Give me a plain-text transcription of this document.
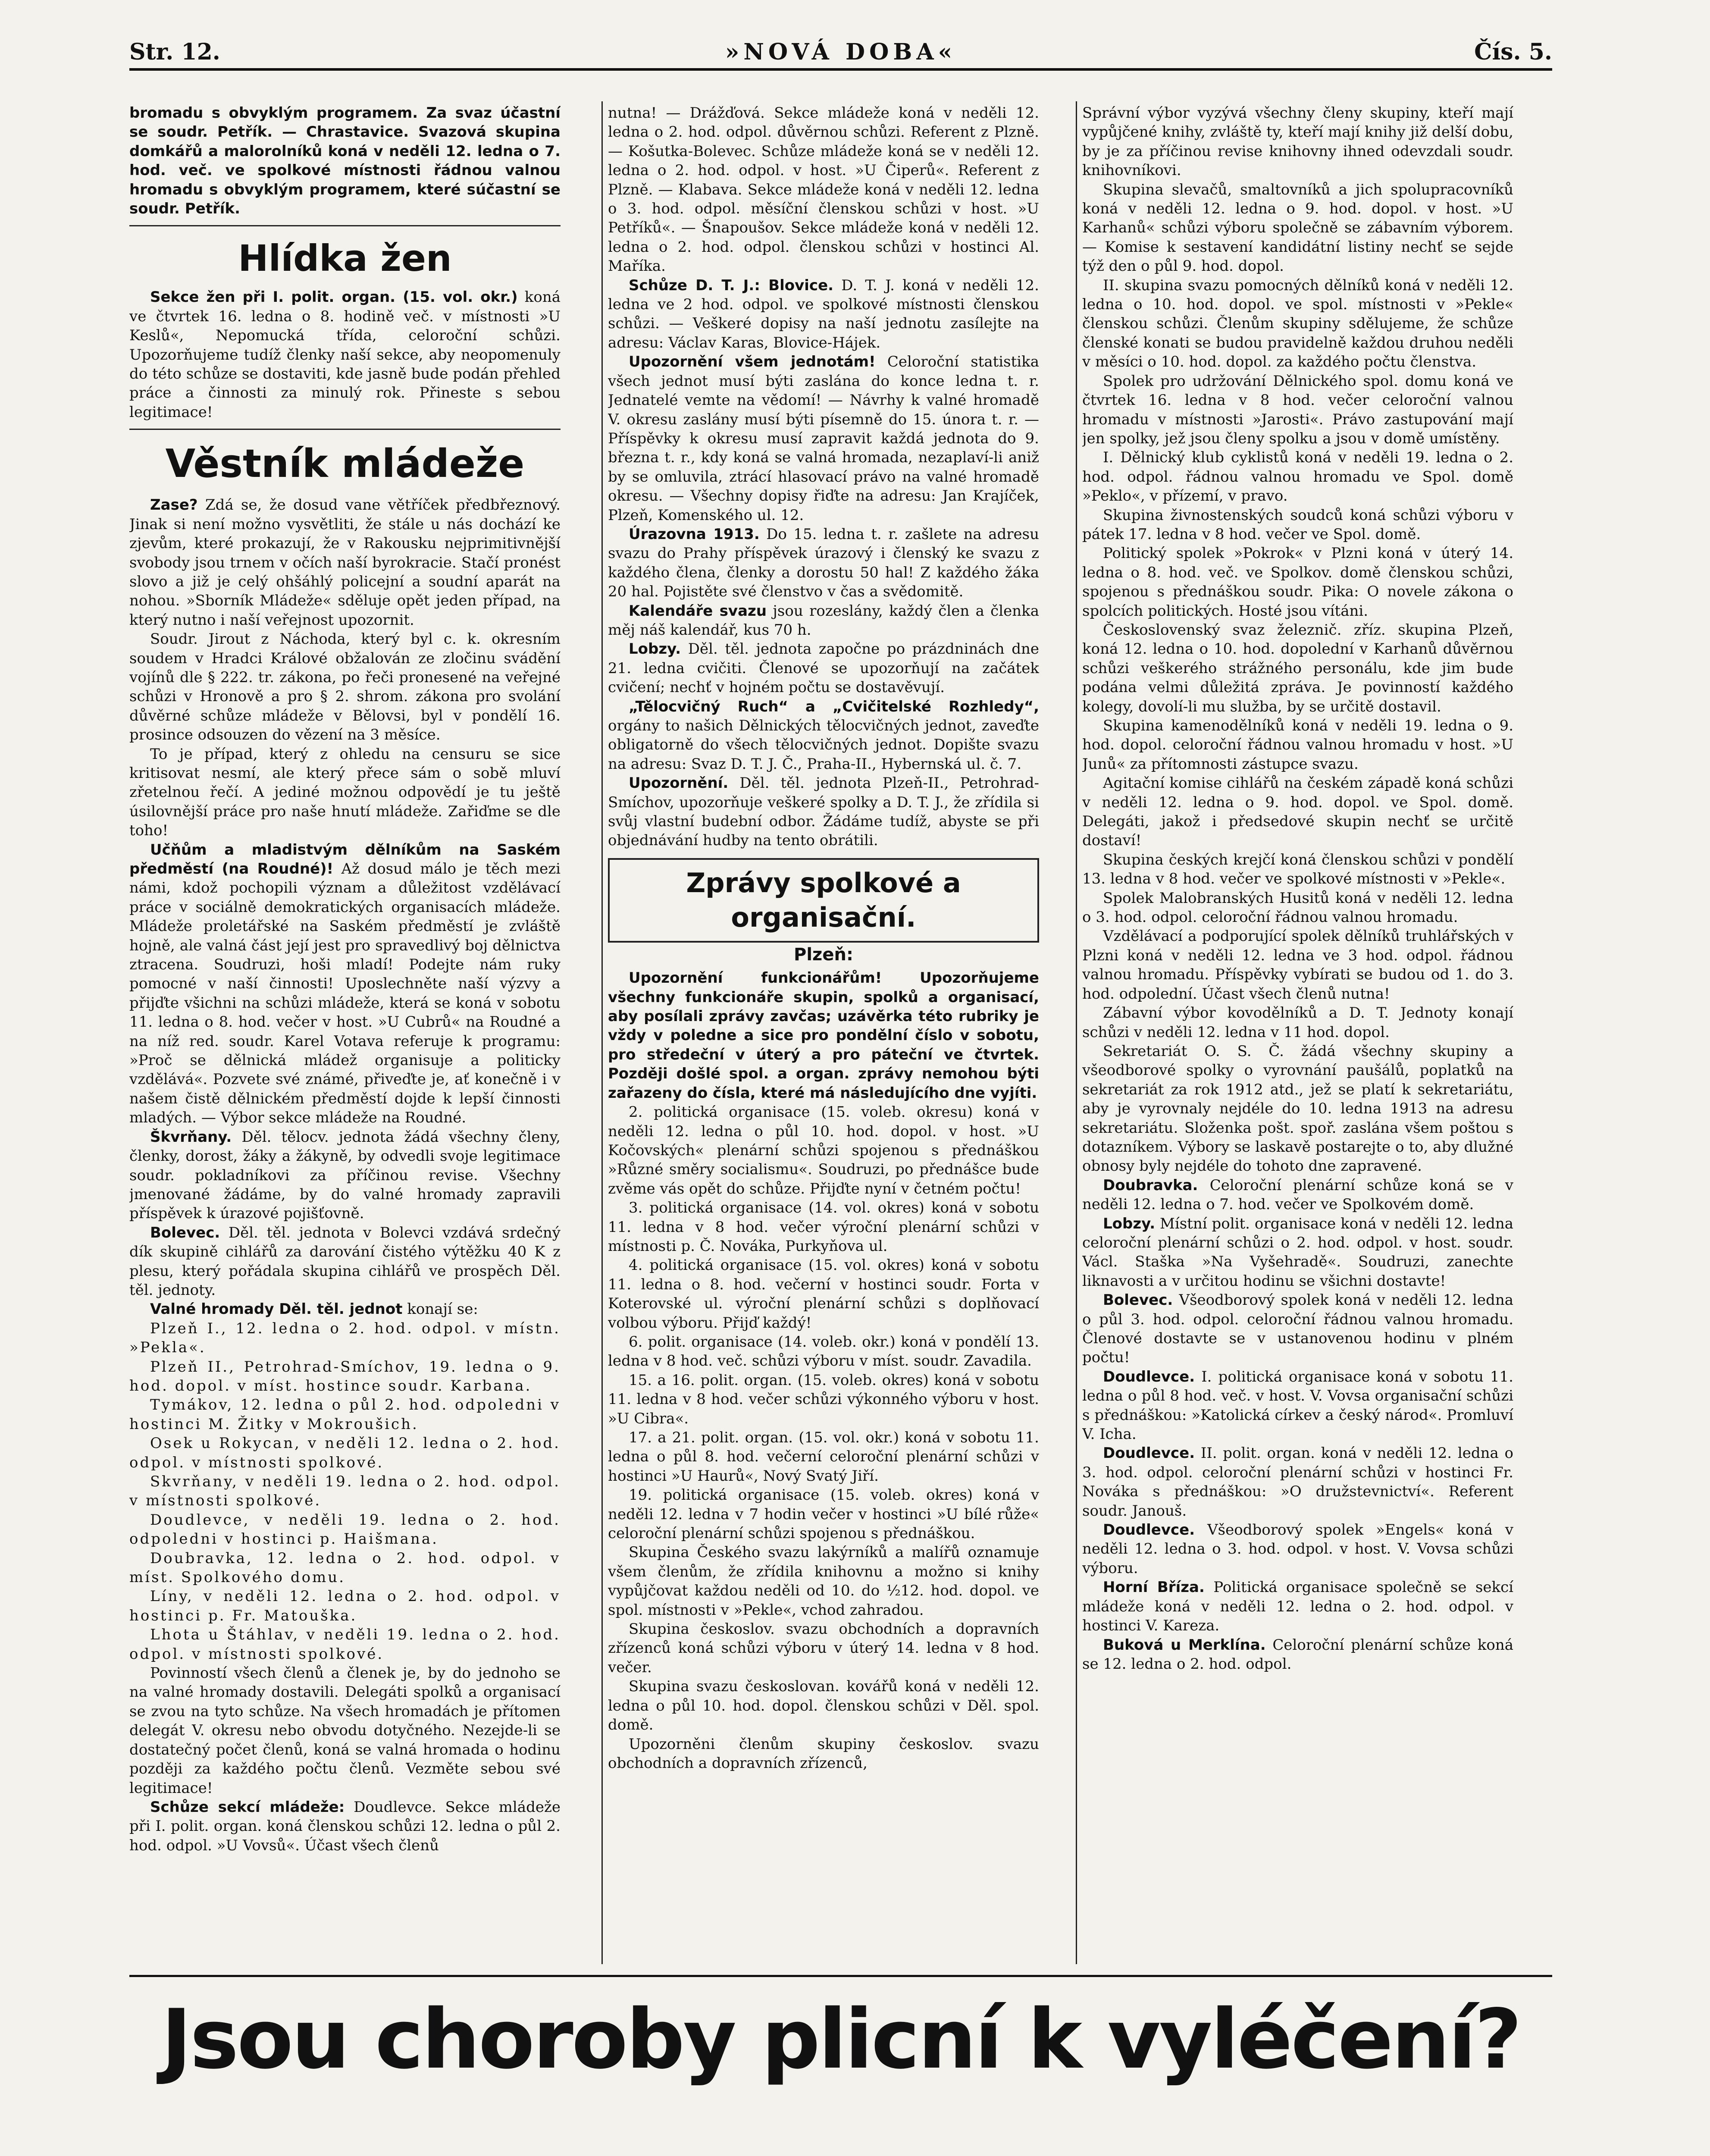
Str. 12.	»NOVÁ DOBA«	Čís. 5.

bromadu s obvyklým programem. Za svaz účastní se soudr. Petřík. — Chrastavice. Svazová skupina domkářů a malorolníků koná v neděli 12. ledna o 7. hod. več. ve spolkové místnosti řádnou valnou hromadu s obvyklým programem, které súčastní se soudr. Petřík.

Hlídka žen

Sekce žen při I. polit. organ. (15. vol. okr.) koná ve čtvrtek 16. ledna o 8. hodině več. v místnosti »U Keslů«, Nepomucká třída, celoroční schůzi. Upozorňujeme tudíž členky naší sekce, aby neopomenuly do této schůze se dostaviti, kde jasně bude podán přehled práce a činnosti za minulý rok. Přineste s sebou legitimace!

Věstník mládeže

Zase? Zdá se, že dosud vane větříček předbřeznový. Jinak si není možno vysvětliti, že stále u nás dochází ke zjevům, které prokazují, že v Rakousku nejprimitivnější svobody jsou trnem v očích naší byrokracie. Stačí pronést slovo a již je celý ohšáhlý policejní a soudní aparát na nohou. »Sborník Mládeže« sděluje opět jeden případ, na který nutno i naší veřejnost upozornit.

Soudr. Jirout z Náchoda, který byl c. k. okresním soudem v Hradci Králové obžalován ze zločinu svádění vojínů dle § 222. tr. zákona, po řeči pronesené na veřejné schůzi v Hronově a pro § 2. shrom. zákona pro svolání důvěrné schůze mládeže v Bělovsi, byl v pondělí 16. prosince odsouzen do vězení na 3 měsíce.

To je případ, který z ohledu na censuru se sice kritisovat nesmí, ale který přece sám o sobě mluví zřetelnou řečí. A jediné možnou odpovědí je tu ještě úsilovnější práce pro naše hnutí mládeže. Zařiďme se dle toho!

Učňům a mladistvým dělníkům na Saském předměstí (na Roudné)! Až dosud málo je těch mezi námi, kdož pochopili význam a důležitost vzdělávací práce v sociálně demokratických organisacích mládeže. Mládeže proletářské na Saském předměstí je zvláště hojně, ale valná část její jest pro spravedlivý boj dělnictva ztracena. Soudruzi, hoši mladí! Podejte nám ruky pomocné v naší činnosti! Uposlechněte naší výzvy a přijďte všichni na schůzi mládeže, která se koná v sobotu 11. ledna o 8. hod. večer v host. »U Cubrů« na Roudné a na níž red. soudr. Karel Votava referuje k programu: »Proč se dělnická mládež organisuje a politicky vzdělává«. Pozvete své známé, přiveďte je, ať konečně i v našem čistě dělnickém předměstí dojde k lepší činnosti mladých. — Výbor sekce mládeže na Roudné.

Škvrňany. Děl. tělocv. jednota žádá všechny členy, členky, dorost, žáky a žákyně, by odvedli svoje legitimace soudr. pokladníkovi za příčinou revise. Všechny jmenované žádáme, by do valné hromady zapravili příspěvek k úrazové pojišťovně.

Bolevec. Děl. těl. jednota v Bolevci vzdává srdečný dík skupině cihlářů za darování čistého výtěžku 40 K z plesu, který pořádala skupina cihlářů ve prospěch Děl. těl. jednoty.

Valné hromady Děl. těl. jednot konají se:

Plzeň I., 12. ledna o 2. hod. odpol. v místn. »Pekla«.

Plzeň II., Petrohrad-Smíchov, 19. ledna o 9. hod. dopol. v míst. hostince soudr. Karbana.

Tymákov, 12. ledna o půl 2. hod. odpoledni v hostinci M. Žitky v Mokroušich.

Osek u Rokycan, v neděli 12. ledna o 2. hod. odpol. v místnosti spolkové.

Skvrňany, v neděli 19. ledna o 2. hod. odpol. v místnosti spolkové.

Doudlevce, v neděli 19. ledna o 2. hod. odpoledni v hostinci p. Haišmana.

Doubravka, 12. ledna o 2. hod. odpol. v míst. Spolkového domu.

Líny, v neděli 12. ledna o 2. hod. odpol. v hostinci p. Fr. Matouška.

Lhota u Štáhlav, v neděli 19. ledna o 2. hod. odpol. v místnosti spolkové.

Povinností všech členů a členek je, by do jednoho se na valné hromady dostavili. Delegáti spolků a organisací se zvou na tyto schůze. Na všech hromadách je přítomen delegát V. okresu nebo obvodu dotyčného. Nezejde-li se dostatečný počet členů, koná se valná hromada o hodinu později za každého počtu členů. Vezměte sebou své legitimace!

Schůze sekcí mládeže: Doudlevce. Sekce mládeže při I. polit. organ. koná členskou schůzi 12. ledna o půl 2. hod. odpol. »U Vovsů«. Účast všech členů

nutna! — Drážďová. Sekce mládeže koná v neděli 12. ledna o 2. hod. odpol. důvěrnou schůzi. Referent z Plzně. — Košutka-Bolevec. Schůze mládeže koná se v neděli 12. ledna o 2. hod. odpol. v host. »U Čiperů«. Referent z Plzně. — Klabava. Sekce mládeže koná v neděli 12. ledna o 3. hod. odpol. měsíční členskou schůzi v host. »U Petříků«. — Šnapoušov. Sekce mládeže koná v neděli 12. ledna o 2. hod. odpol. členskou schůzi v hostinci Al. Maříka.

Schůze D. T. J.: Blovice. D. T. J. koná v neděli 12. ledna ve 2 hod. odpol. ve spolkové místnosti členskou schůzi. — Veškeré dopisy na naší jednotu zasílejte na adresu: Václav Karas, Blovice-Hájek.

Upozornění všem jednotám! Celoroční statistika všech jednot musí býti zaslána do konce ledna t. r. Jednatelé vemte na vědomí! — Návrhy k valné hromadě V. okresu zaslány musí býti písemně do 15. února t. r. — Příspěvky k okresu musí zapravit každá jednota do 9. března t. r., kdy koná se valná hromada, nezaplaví-li aniž by se omluvila, ztrácí hlasovací právo na valné hromadě okresu. — Všechny dopisy řiďte na adresu: Jan Krajíček, Plzeň, Komenského ul. 12.

Úrazovna 1913. Do 15. ledna t. r. zašlete na adresu svazu do Prahy příspěvek úrazový i členský ke svazu z každého člena, členky a dorostu 50 hal! Z každého žáka 20 hal. Pojistěte své členstvo v čas a svědomitě.

Kalendáře svazu jsou rozeslány, každý člen a členka měj náš kalendář, kus 70 h.

Lobzy. Děl. těl. jednota započne po prázdninách dne 21. ledna cvičiti. Členové se upozorňují na začátek cvičení; nechť v hojném počtu se dostavěvují.

„Tělocvičný Ruch“ a „Cvičitelské Rozhledy“, orgány to našich Dělnických tělocvičných jednot, zaveďte obligatorně do všech tělocvičných jednot. Dopište svazu na adresu: Svaz D. T. J. Č., Praha-II., Hybernská ul. č. 7.

Upozornění. Děl. těl. jednota Plzeň-II., Petrohrad-Smíchov, upozorňuje veškeré spolky a D. T. J., že zřídila si svůj vlastní budební odbor. Žádáme tudíž, abyste se při objednávání hudby na tento obrátili.

Zprávy spolkové a organisační.
Plzeň:

Upozornění funkcionářům!	Upozorňujeme všechny funkcionáře skupin, spolků a organisací, aby posílali zprávy zavčas; uzávěrka této rubriky je vždy v poledne a sice pro pondělní číslo v sobotu, pro středeční v úterý a pro páteční ve čtvrtek. Později došlé spol. a organ. zprávy nemohou býti zařazeny do čísla, které má následujícího dne vyjíti.

2. politická organisace (15. voleb. okresu) koná v neděli 12. ledna o půl 10. hod. dopol. v host. »U Kočovských« plenární schůzi spojenou s přednáškou »Různé směry socialismu«. Soudruzi, po přednášce bude zvěme vás opět do schůze. Přijďte nyní v četném počtu!

3. politická organisace (14. vol. okres) koná v sobotu 11. ledna v 8 hod. večer výroční plenární schůzi v místnosti p. Č. Nováka, Purkyňova ul.

4. politická organisace (15. vol. okres) koná v sobotu 11. ledna o 8. hod. večerní v hostinci soudr. Forta v Koterovské ul. výroční plenární schůzi s doplňovací volbou výboru. Přijď každý!

6. polit. organisace (14. voleb. okr.) koná v pondělí 13. ledna v 8 hod. več. schůzi výboru v míst. soudr. Zavadila.

15. a 16. polit. organ. (15. voleb. okres) koná v sobotu 11. ledna v 8 hod. večer schůzi výkonného výboru v host. »U Cibra«.

17. a 21. polit. organ. (15. vol. okr.) koná v sobotu 11. ledna o půl 8. hod. večerní celoroční plenární schůzi v hostinci »U Haurů«, Nový Svatý Jiří.

19. politická organisace (15. voleb. okres) koná v neděli 12. ledna v 7 hodin večer v hostinci »U bílé růže« celoroční plenární schůzi spojenou s přednáškou.

Skupina Českého svazu lakýrníků a malířů oznamuje všem členům, že zřídila knihovnu a možno si knihy vypůjčovat každou neděli od 10. do ½12. hod. dopol. ve spol. místnosti v »Pekle«, vchod zahradou.

Skupina českoslov. svazu obchodních a dopravních zřízenců koná schůzi výboru v úterý 14. ledna v 8 hod. večer.

Skupina svazu českoslovan. kovářů koná v neděli 12. ledna o půl 10. hod. dopol. členskou schůzi v Děl. spol. domě.

Upozorněni členům skupiny českoslov. svazu obchodních a dopravních zřízenců,

Správní výbor vyzývá všechny členy skupiny, kteří mají vypůjčené knihy, zvláště ty, kteří mají knihy již delší dobu, by je za příčinou revise knihovny ihned odevzdali soudr. knihovníkovi.

Skupina slevačů, smaltovníků a jich spolupracovníků koná v neděli 12. ledna o 9. hod. dopol. v host. »U Karhanů« schůzi výboru společně se zábavním výborem. — Komise k sestavení kandidátní listiny nechť se sejde týž den o půl 9. hod. dopol.

II. skupina svazu pomocných dělníků koná v neděli 12. ledna o 10. hod. dopol. ve spol. místnosti v »Pekle« členskou schůzi. Členům skupiny sdělujeme, že schůze členské konati se budou pravidelně každou druhou neděli v měsíci o 10. hod. dopol. za každého počtu členstva.

Spolek pro udržování Dělnického spol. domu koná ve čtvrtek 16. ledna v 8 hod. večer celoroční valnou hromadu v místnosti »Jarosti«. Právo zastupování mají jen spolky, jež jsou členy spolku a jsou v domě umístěny.

I. Dělnický klub cyklistů koná v neděli 19. ledna o 2. hod. odpol. řádnou valnou hromadu ve Spol. domě »Peklo«, v přízemí, v pravo.

Skupina živnostenských soudců koná schůzi výboru v pátek 17. ledna v 8 hod. večer ve Spol. domě.

Politický spolek »Pokrok« v Plzni koná v úterý 14. ledna o 8. hod. več. ve Spolkov. domě členskou schůzi, spojenou s přednáškou soudr. Pika: O novele zákona o spolcích politických. Hosté jsou vítáni.

Československý svaz železnič. zříz. skupina Plzeň, koná 12. ledna o 10. hod. dopolední v Karhanů důvěrnou schůzi veškerého strážného personálu, kde jim bude podána velmi důležitá zpráva. Je povinností každého kolegy, dovolí-li mu služba, by se určitě dostavil.

Skupina kamenodělníků koná v neděli 19. ledna o 9. hod. dopol. celoroční řádnou valnou hromadu v host. »U Junů« za přítomnosti zástupce svazu.

Agitační komise cihlářů na českém západě koná schůzi v neděli 12. ledna o 9. hod. dopol. ve Spol. domě. Delegáti, jakož i předsedové skupin nechť se určitě dostaví!

Skupina českých krejčí koná členskou schůzi v pondělí 13. ledna v 8 hod. večer ve spolkové místnosti v »Pekle«.

Spolek Malobranských Husitů koná v neděli 12. ledna o 3. hod. odpol. celoroční řádnou valnou hromadu.

Vzdělávací a podporující spolek dělníků truhlářských v Plzni koná v neděli 12. ledna ve 3 hod. odpol. řádnou valnou hromadu. Příspěvky vybírati se budou od 1. do 3. hod. odpolední. Účast všech členů nutna!

Zábavní výbor kovodělníků a D. T. Jednoty konají schůzi v neděli 12. ledna v 11 hod. dopol.

Sekretariát O. S. Č. žádá všechny skupiny a všeodborové spolky o vyrovnání paušálů, poplatků na sekretariát za rok 1912 atd., jež se platí k sekretariátu, aby je vyrovnaly nejdéle do 10. ledna 1913 na adresu sekretariátu. Složenka pošt. spoř. zaslána všem poštou s dotazníkem. Výbory se laskavě postarejte o to, aby dlužné obnosy byly nejdéle do tohoto dne zapravené.

Doubravka. Celoroční plenární schůze koná se v neděli 12. ledna o 7. hod. večer ve Spolkovém domě.

Lobzy. Místní polit. organisace koná v neděli 12. ledna celoroční plenární schůzi o 2. hod. odpol. v host. soudr. Václ. Staška »Na Vyšehradě«. Soudruzi, zanechte liknavosti a v určitou hodinu se všichni dostavte!

Bolevec. Všeodborový spolek koná v neděli 12. ledna o půl 3. hod. odpol. celoroční řádnou valnou hromadu. Členové dostavte se v ustanovenou hodinu v plném počtu!

Doudlevce. I. politická organisace koná v sobotu 11. ledna o půl 8 hod. več. v host. V. Vovsa organisační schůzi s přednáškou: »Katolická církev a český národ«. Promluví V. Icha.

Doudlevce. II. polit. organ. koná v neděli 12. ledna o 3. hod. odpol. celoroční plenární schůzi v hostinci Fr. Nováka s přednáškou: »O družstevnictví«. Referent soudr. Janouš.

Doudlevce. Všeodborový spolek »Engels« koná v neděli 12. ledna o 3. hod. odpol. v host. V. Vovsa schůzi výboru.

Horní Bříza. Politická organisace společně se sekcí mládeže koná v neděli 12. ledna o 2. hod. odpol. v hostinci V. Kareza.

Buková u Merklína. Celoroční plenární schůze koná se 12. ledna o 2. hod. odpol.

Jsou choroby plicní k vyléčení?
